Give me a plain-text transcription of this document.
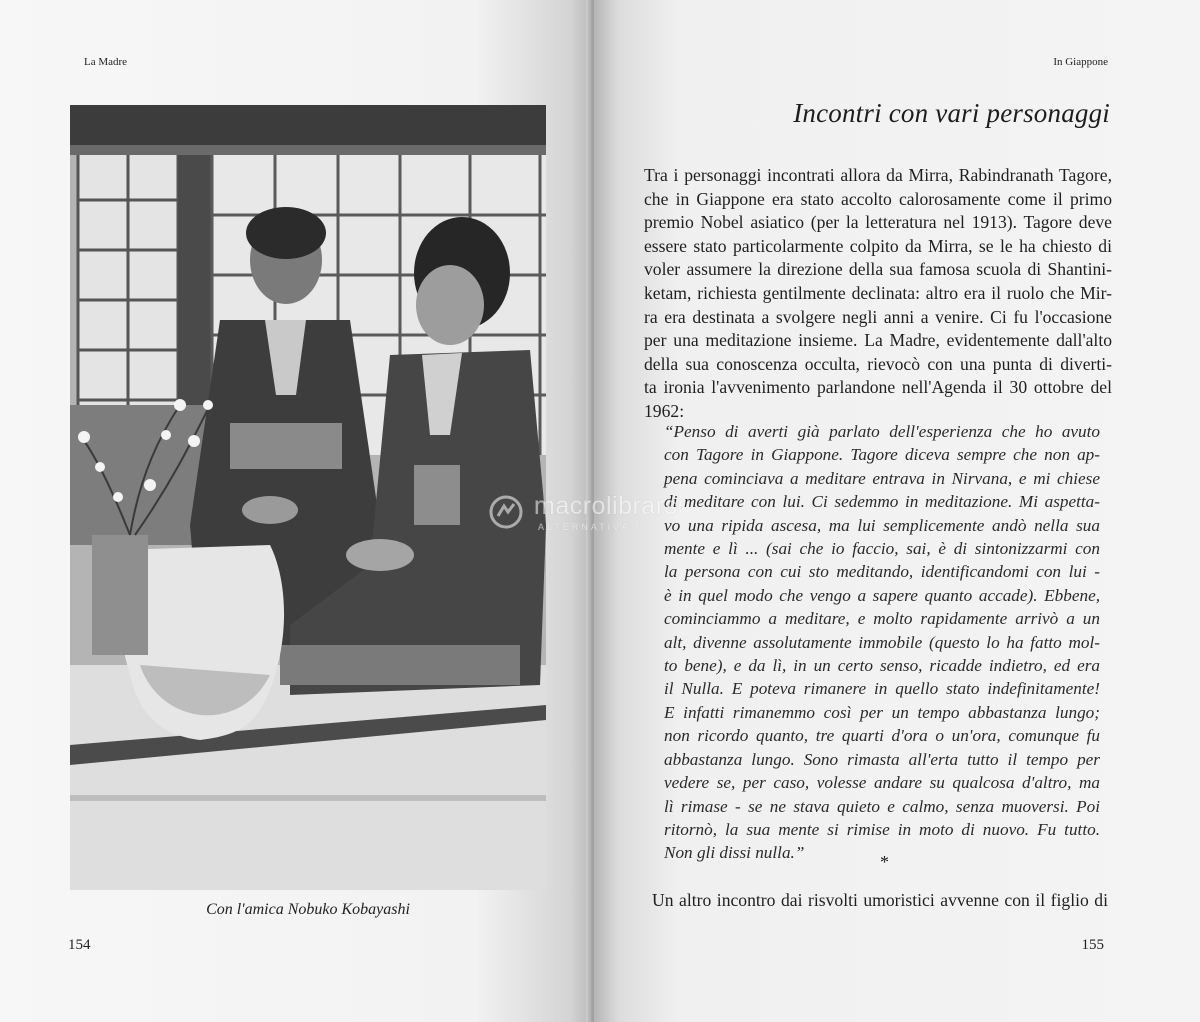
La Madre
Con l'amica Nobuko Kobayashi
154
In Giappone
Incontri con vari personaggi
Tra i personaggi incontrati allora da Mirra, Rabindranath Tagore,
che in Giappone era stato accolto calorosamente come il primo
premio Nobel asiatico (per la letteratura nel 1913). Tagore deve
essere stato particolarmente colpito da Mirra, se le ha chiesto di
voler assumere la direzione della sua famosa scuola di Shantini-
ketam, richiesta gentilmente declinata: altro era il ruolo che Mir-
ra era destinata a svolgere negli anni a venire. Ci fu l'occasione
per una meditazione insieme. La Madre, evidentemente dall'alto
della sua conoscenza occulta, rievocò con una punta di diverti-
ta ironia l'avvenimento parlandone nell'Agenda il 30 ottobre del
1962:
“Penso di averti già parlato dell'esperienza che ho avuto
con Tagore in Giappone. Tagore diceva sempre che non ap-
pena cominciava a meditare entrava in Nirvana, e mi chiese
di meditare con lui. Ci sedemmo in meditazione. Mi aspetta-
vo una ripida ascesa, ma lui semplicemente andò nella sua
mente e lì ... (sai che io faccio, sai, è di sintonizzarmi con
la persona con cui sto meditando, identificandomi con lui -
è in quel modo che vengo a sapere quanto accade). Ebbene,
cominciammo a meditare, e molto rapidamente arrivò a un
alt, divenne assolutamente immobile (questo lo ha fatto mol-
to bene), e da lì, in un certo senso, ricadde indietro, ed era
il Nulla. E poteva rimanere in quello stato indefinitamente!
E infatti rimanemmo così per un tempo abbastanza lungo;
non ricordo quanto, tre quarti d'ora o un'ora, comunque fu
abbastanza lungo. Sono rimasta all'erta tutto il tempo per
vedere se, per caso, volesse andare su qualcosa d'altro, ma
lì rimase - se ne stava quieto e calmo, senza muoversi. Poi
ritornò, la sua mente si rimise in moto di nuovo. Fu tutto.
Non gli dissi nulla.”	*
Un altro incontro dai risvolti umoristici avvenne con il figlio di
155
macrolibrarsi
ALTERNATIVA N
